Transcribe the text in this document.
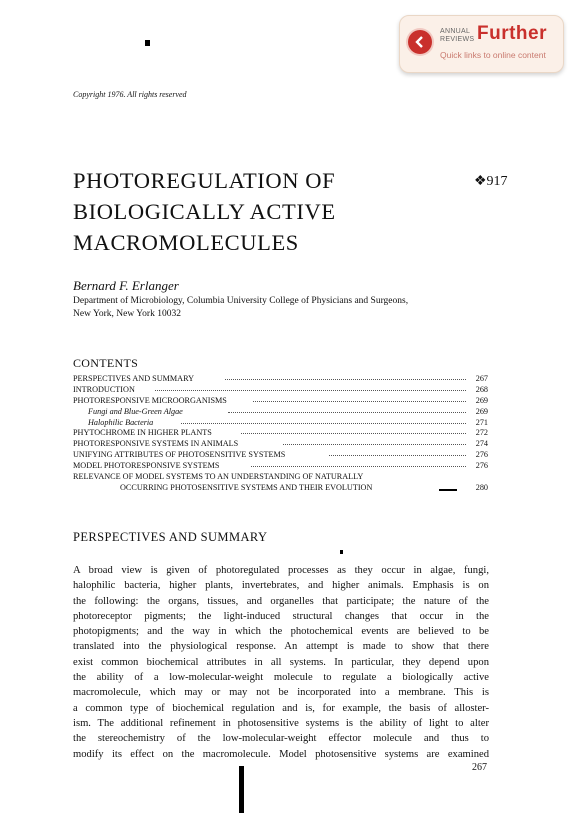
ANNUAL
REVIEWS Further
Quick links to online content
Copyright 1976. All rights reserved
PHOTOREGULATION OF
BIOLOGICALLY ACTIVE
MACROMOLECULES
❖917
Bernard F. Erlanger
Department of Microbiology, Columbia University College of Physicians and Surgeons,
New York, New York 10032
CONTENTS
PERSPECTIVES AND SUMMARY	267
INTRODUCTION	268
PHOTORESPONSIVE MICROORGANISMS	269
Fungi and Blue-Green Algae	269
Halophilic Bacteria	271
PHYTOCHROME IN HIGHER PLANTS	272
PHOTORESPONSIVE SYSTEMS IN ANIMALS	274
UNIFYING ATTRIBUTES OF PHOTOSENSITIVE SYSTEMS	276
MODEL PHOTORESPONSIVE SYSTEMS	276
RELEVANCE OF MODEL SYSTEMS TO AN UNDERSTANDING OF NATURALLY
OCCURRING PHOTOSENSITIVE SYSTEMS AND THEIR EVOLUTION	280
PERSPECTIVES AND SUMMARY
A broad view is given of photoregulated processes as they occur in algae, fungi,
halophilic bacteria, higher plants, invertebrates, and higher animals. Emphasis is on
the following: the organs, tissues, and organelles that participate; the nature of the
photoreceptor pigments; the light-induced structural changes that occur in the
photopigments; and the way in which the photochemical events are believed to be
translated into the physiological response. An attempt is made to show that there
exist common biochemical attributes in all systems. In particular, they depend upon
the ability of a low-molecular-weight molecule to regulate a biologically active
macromolecule, which may or may not be incorporated into a membrane. This is
a common type of biochemical regulation and is, for example, the basis of alloster-
ism. The additional refinement in photosensitive systems is the ability of light to alter
the stereochemistry of the low-molecular-weight effector molecule and thus to
modify its effect on the macromolecule. Model photosensitive systems are examined
267
